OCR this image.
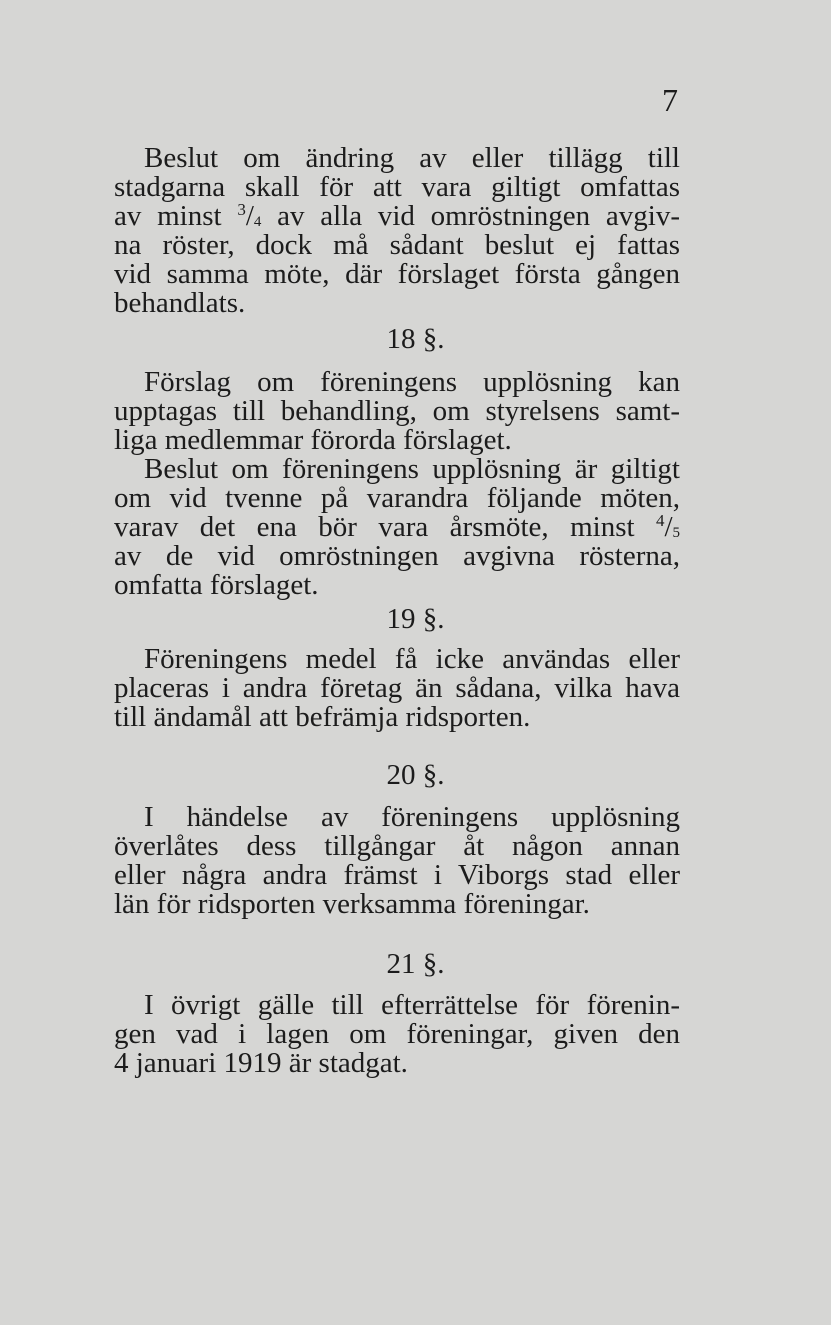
7
Beslut om ändring av eller tillägg till
stadgarna skall för att vara giltigt omfattas
av minst $^3/_4$ av alla vid omröstningen avgiv-
na röster, dock må sådant beslut ej fattas
vid samma möte, där förslaget första gången
behandlats.
18 §.
Förslag om föreningens upplösning kan
upptagas till behandling, om styrelsens samt-
liga medlemmar förorda förslaget.
Beslut om föreningens upplösning är giltigt
om vid tvenne på varandra följande möten,
varav det ena bör vara årsmöte, minst $^4/_5$
av de vid omröstningen avgivna rösterna,
omfatta förslaget.
19 §.
Föreningens medel få icke användas eller
placeras i andra företag än sådana, vilka hava
till ändamål att befrämja ridsporten.
20 §.
I händelse av föreningens upplösning
överlåtes dess tillgångar åt någon annan
eller några andra främst i Viborgs stad eller
län för ridsporten verksamma föreningar.
21 §.
I övrigt gälle till efterrättelse för förenin-
gen vad i lagen om föreningar, given den
4 januari 1919 är stadgat.
